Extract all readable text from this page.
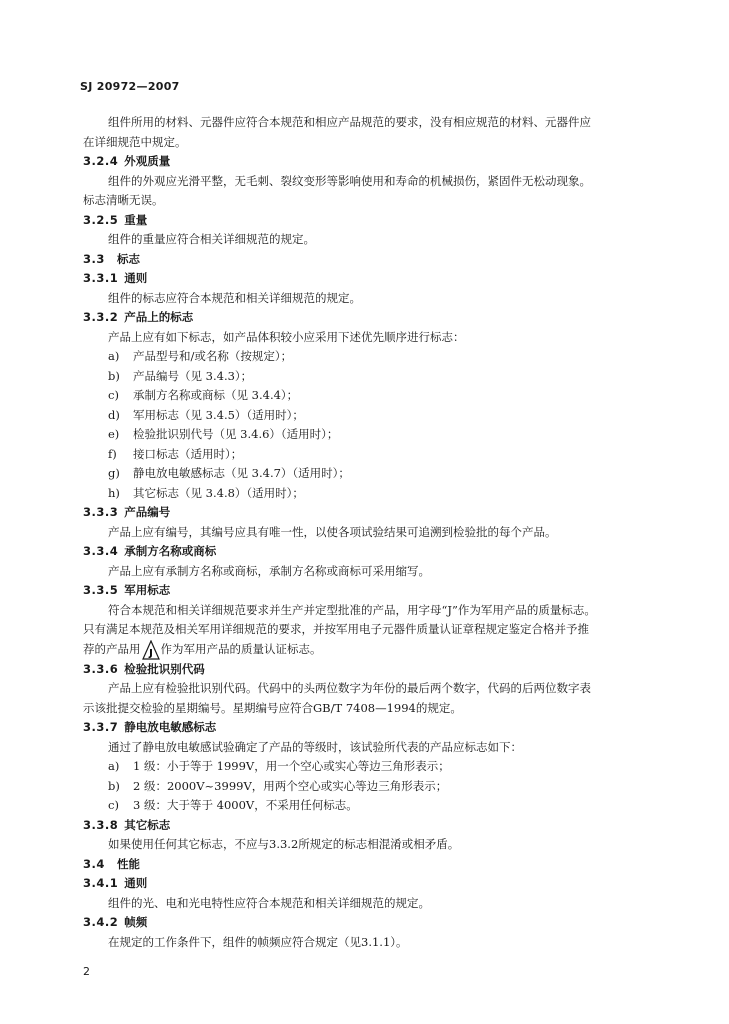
SJ 20972—2007
组件所用的材料、元器件应符合本规范和相应产品规范的要求，没有相应规范的材料、元器件应
在详细规范中规定。
3.2.4 外观质量
组件的外观应光滑平整，无毛刺、裂纹变形等影响使用和寿命的机械损伤，紧固件无松动现象。
标志清晰无误。
3.2.5 重量
组件的重量应符合相关详细规范的规定。
3.3 标志
3.3.1 通则
组件的标志应符合本规范和相关详细规范的规定。
3.3.2 产品上的标志
产品上应有如下标志，如产品体积较小应采用下述优先顺序进行标志：
a) 产品型号和/或名称（按规定）；
b) 产品编号（见 3.4.3）；
c) 承制方名称或商标（见 3.4.4）；
d) 军用标志（见 3.4.5）（适用时）；
e) 检验批识别代号（见 3.4.6）（适用时）；
f) 接口标志（适用时）；
g) 静电放电敏感标志（见 3.4.7）（适用时）；
h) 其它标志（见 3.4.8）（适用时）；
3.3.3 产品编号
产品上应有编号，其编号应具有唯一性，以使各项试验结果可追溯到检验批的每个产品。
3.3.4 承制方名称或商标
产品上应有承制方名称或商标，承制方名称或商标可采用缩写。
3.3.5 军用标志
符合本规范和相关详细规范要求并生产并定型批准的产品，用字母“J”作为军用产品的质量标志。
只有满足本规范及相关军用详细规范的要求，并按军用电子元器件质量认证章程规定鉴定合格并予推
荐的产品用 J 作为军用产品的质量认证标志。
3.3.6 检验批识别代码
产品上应有检验批识别代码。代码中的头两位数字为年份的最后两个数字，代码的后两位数字表
示该批提交检验的星期编号。星期编号应符合GB/T 7408—1994的规定。
3.3.7 静电放电敏感标志
通过了静电放电敏感试验确定了产品的等级时，该试验所代表的产品应标志如下：
a) 1 级：小于等于 1999V，用一个空心或实心等边三角形表示；
b) 2 级：2000V~3999V，用两个空心或实心等边三角形表示；
c) 3 级：大于等于 4000V，不采用任何标志。
3.3.8 其它标志
如果使用任何其它标志，不应与3.3.2所规定的标志相混淆或相矛盾。
3.4 性能
3.4.1 通则
组件的光、电和光电特性应符合本规范和相关详细规范的规定。
3.4.2 帧频
在规定的工作条件下，组件的帧频应符合规定（见3.1.1）。
2
